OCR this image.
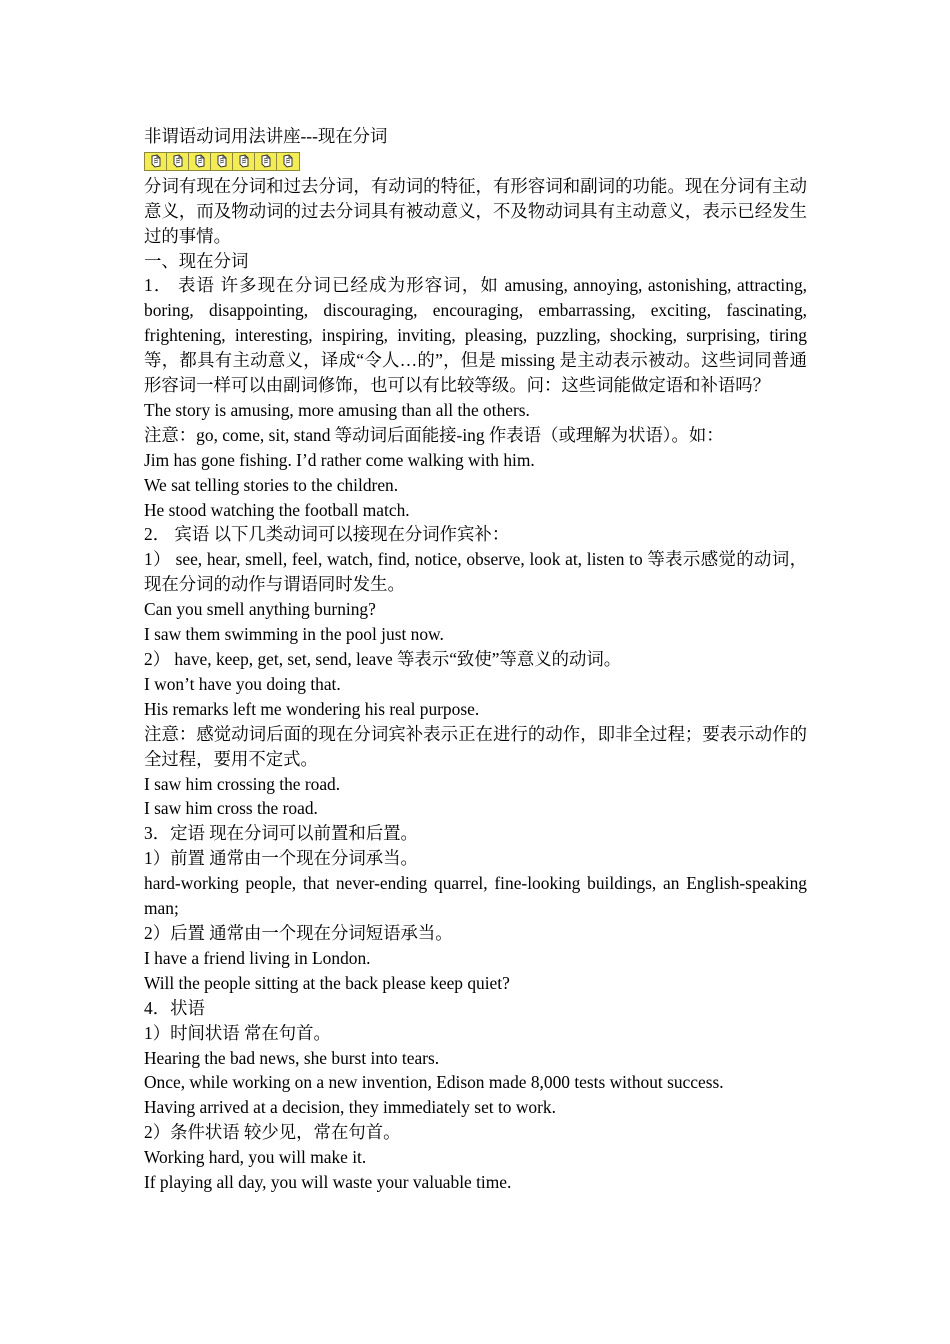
非谓语动词用法讲座---现在分词
分词有现在分词和过去分词，有动词的特征，有形容词和副词的功能。现在分词有主动意义，而及物动词的过去分词具有被动意义，不及物动词具有主动意义，表示已经发生过的事情。
一、现在分词
1． 表语 许多现在分词已经成为形容词，如 amusing, annoying, astonishing, attracting, boring, disappointing, discouraging, encouraging, embarrassing, exciting, fascinating, frightening, interesting, inspiring, inviting, pleasing, puzzling, shocking, surprising, tiring 等，都具有主动意义，译成“令人…的”，但是 missing 是主动表示被动。这些词同普通形容词一样可以由副词修饰，也可以有比较等级。问：这些词能做定语和补语吗？
The story is amusing, more amusing than all the others.
注意：go, come, sit, stand 等动词后面能接-ing 作表语（或理解为状语）。如：
Jim has gone fishing. I’d rather come walking with him.
We sat telling stories to the children.
He stood watching the football match.
2． 宾语 以下几类动词可以接现在分词作宾补：
1） see, hear, smell, feel, watch, find, notice, observe, look at, listen to 等表示感觉的动词，现在分词的动作与谓语同时发生。
Can you smell anything burning?
I saw them swimming in the pool just now.
2） have, keep, get, set, send, leave 等表示“致使”等意义的动词。
I won’t have you doing that.
His remarks left me wondering his real purpose.
注意：感觉动词后面的现在分词宾补表示正在进行的动作，即非全过程；要表示动作的全过程，要用不定式。
I saw him crossing the road.
I saw him cross the road.
3．定语 现在分词可以前置和后置。
1）前置 通常由一个现在分词承当。
hard-working people, that never-ending quarrel, fine-looking buildings, an English-speaking man;
2）后置 通常由一个现在分词短语承当。
I have a friend living in London.
Will the people sitting at the back please keep quiet?
4．状语
1）时间状语 常在句首。
Hearing the bad news, she burst into tears.
Once, while working on a new invention, Edison made 8,000 tests without success.
Having arrived at a decision, they immediately set to work.
2）条件状语 较少见，常在句首。
Working hard, you will make it.
If playing all day, you will waste your valuable time.
